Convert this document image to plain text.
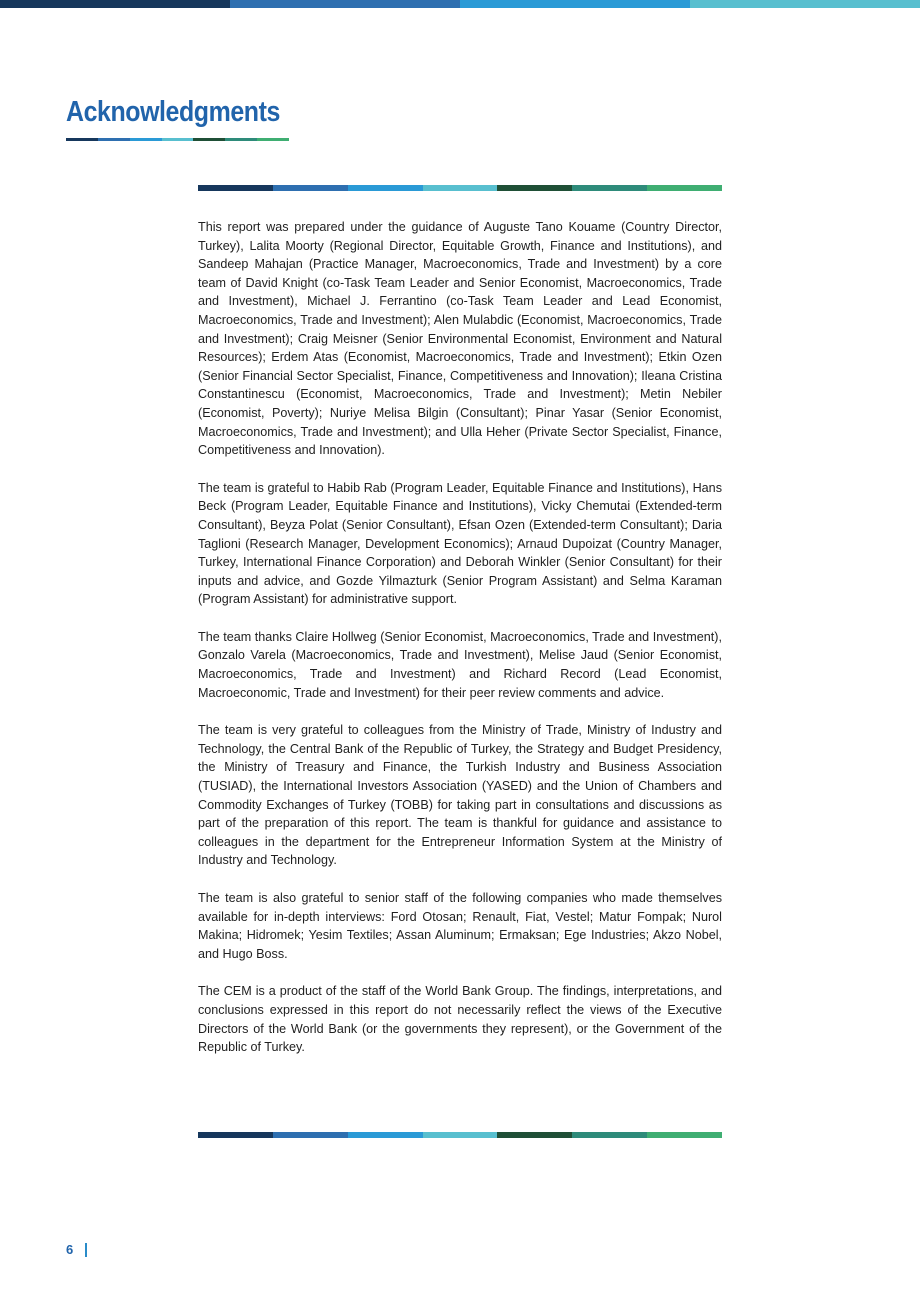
Acknowledgments

This report was prepared under the guidance of Auguste Tano Kouame (Country Director, Turkey), Lalita Moorty (Regional Director, Equitable Growth, Finance and Institutions), and Sandeep Mahajan (Practice Manager, Macroeconomics, Trade and Investment) by a core team of David Knight (co-Task Team Leader and Senior Economist, Macroeconomics, Trade and Investment), Michael J. Ferrantino (co-Task Team Leader and Lead Economist, Macroeconomics, Trade and Investment); Alen Mulabdic (Economist, Macroeconomics, Trade and Investment); Craig Meisner (Senior Environmental Economist, Environment and Natural Resources); Erdem Atas (Economist, Macroeconomics, Trade and Investment); Etkin Ozen (Senior Financial Sector Specialist, Finance, Competitiveness and Innovation); Ileana Cristina Constantinescu (Economist, Macroeconomics, Trade and Investment); Metin Nebiler (Economist, Poverty); Nuriye Melisa Bilgin (Consultant); Pinar Yasar (Senior Economist, Macroeconomics, Trade and Investment); and Ulla Heher (Private Sector Specialist, Finance, Competitiveness and Innovation).

The team is grateful to Habib Rab (Program Leader, Equitable Finance and Institutions), Hans Beck (Program Leader, Equitable Finance and Institutions), Vicky Chemutai (Extended-term Consultant), Beyza Polat (Senior Consultant), Efsan Ozen (Extended-term Consultant); Daria Taglioni (Research Manager, Development Economics); Arnaud Dupoizat (Country Manager, Turkey, International Finance Corporation) and Deborah Winkler (Senior Consultant) for their inputs and advice, and Gozde Yilmazturk (Senior Program Assistant) and Selma Karaman (Program Assistant) for administrative support.

The team thanks Claire Hollweg (Senior Economist, Macroeconomics, Trade and Investment), Gonzalo Varela (Macroeconomics, Trade and Investment), Melise Jaud (Senior Economist, Macroeconomics, Trade and Investment) and Richard Record (Lead Economist, Macroeconomic, Trade and Investment) for their peer review comments and advice.

The team is very grateful to colleagues from the Ministry of Trade, Ministry of Industry and Technology, the Central Bank of the Republic of Turkey, the Strategy and Budget Presidency, the Ministry of Treasury and Finance, the Turkish Industry and Business Association (TUSIAD), the International Investors Association (YASED) and the Union of Chambers and Commodity Exchanges of Turkey (TOBB) for taking part in consultations and discussions as part of the preparation of this report. The team is thankful for guidance and assistance to colleagues in the department for the Entrepreneur Information System at the Ministry of Industry and Technology.

The team is also grateful to senior staff of the following companies who made themselves available for in-depth interviews: Ford Otosan; Renault, Fiat, Vestel; Matur Fompak; Nurol Makina; Hidromek; Yesim Textiles; Assan Aluminum; Ermaksan; Ege Industries; Akzo Nobel, and Hugo Boss.

The CEM is a product of the staff of the World Bank Group. The findings, interpretations, and conclusions expressed in this report do not necessarily reflect the views of the Executive Directors of the World Bank (or the governments they represent), or the Government of the Republic of Turkey.

6
